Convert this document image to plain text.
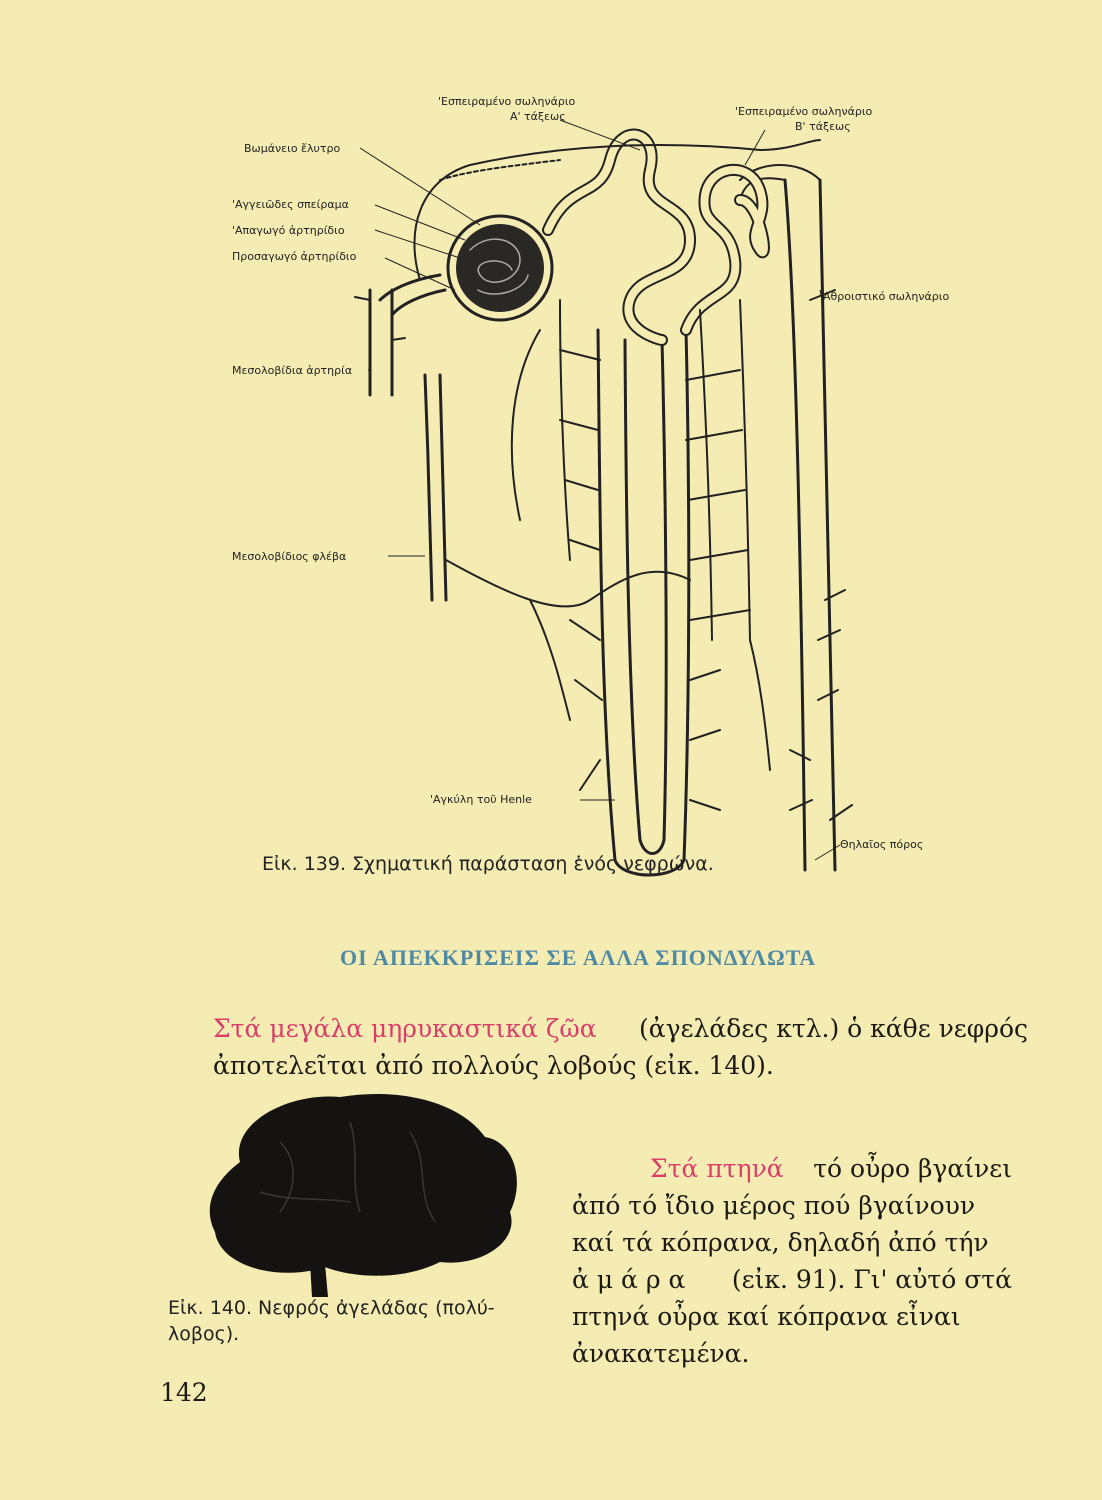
'Εσπειραμένο σωληνάριο
Α' τάξεως
Βωμάνειο ἔλυτρο
'Εσπειραμένο σωληνάριο
Β' τάξεως
'Αγγειῶδες σπείραμα
'Απαγωγό ἀρτηρίδιο
Προσαγωγό ἀρτηρίδιο
'Αθροιστικό σωληνάριο
Μεσολοβίδια ἀρτηρία
Μεσολοβίδιος φλέβα
'Αγκύλη τοῦ Henle
Θηλαῖος πόρος
Εἰκ. 139. Σχηματική παράσταση ἑνός νεφρώνα.
ΟΙ ΑΠΕΚΚΡΙΣΕΙΣ ΣΕ ΑΛΛΑ ΣΠΟΝΔΥΛΩΤΑ
Στά μεγάλα μηρυκαστικά ζῶα (ἀγελάδες κτλ.) ὁ κάθε νεφρός
ἀποτελεῖται ἀπό πολλούς λοβούς (εἰκ. 140).
Εἰκ. 140. Νεφρός ἀγελάδας (πολύ-
λοβος).
Στά πτηνά τό οὖρο βγαίνει
ἀπό τό ἴδιο μέρος πού βγαίνουν
καί τά κόπρανα, δηλαδή ἀπό τήν
ἀ μ ά ρ α (εἰκ. 91). Γι' αὐτό στά
πτηνά οὖρα καί κόπρανα εἶναι
ἀνακατεμένα.
142
